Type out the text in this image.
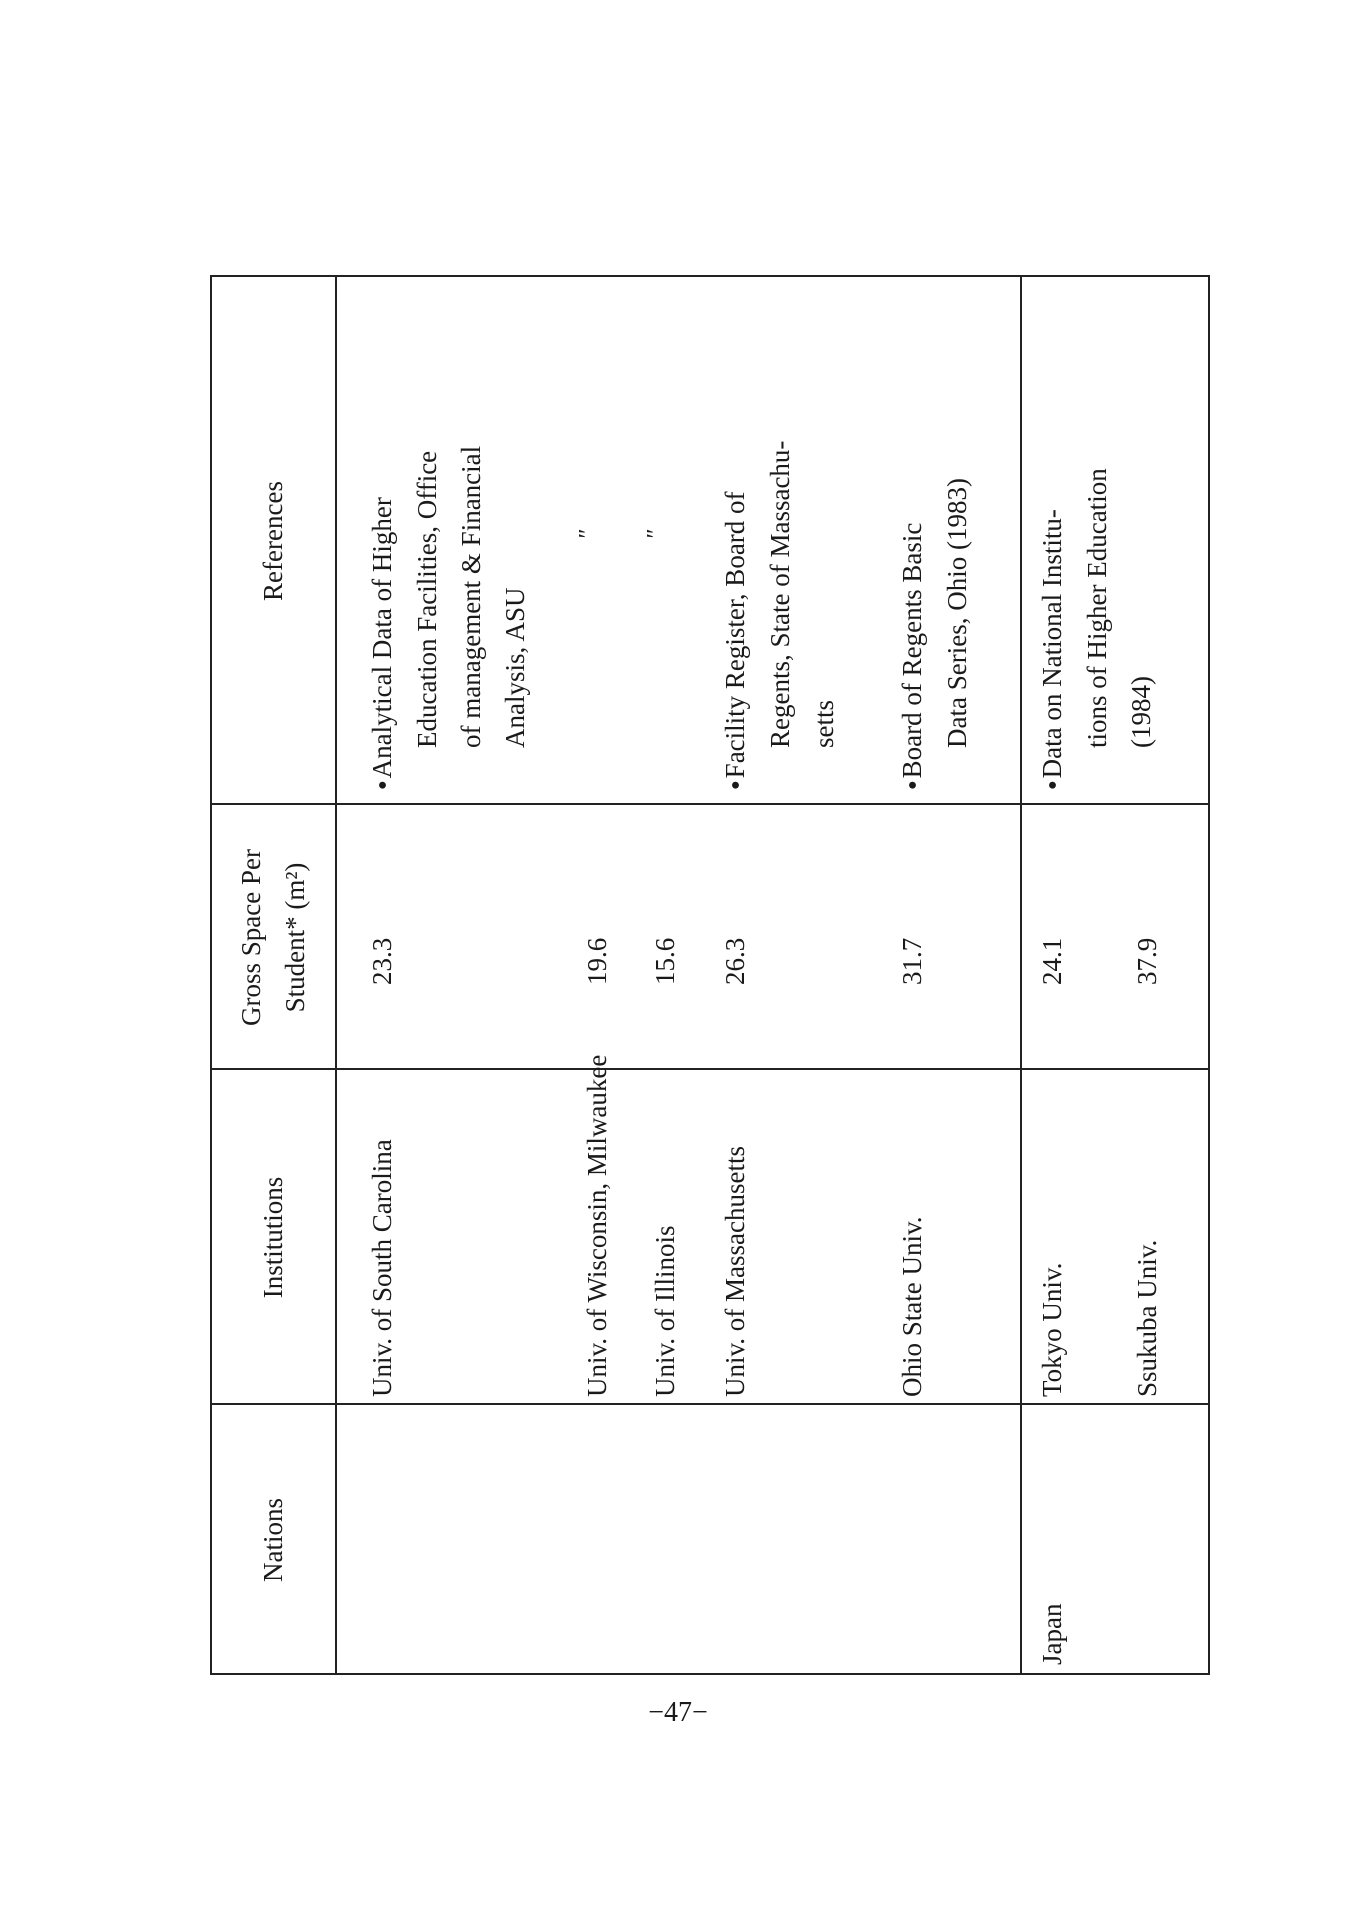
Nations
Institutions
Gross Space Per Student* (m²)
References
Univ. of South Carolina
23.3
● Analytical Data of Higher Education Facilities, Office of management & Financial Analysis, ASU
Univ. of Wisconsin, Milwaukee
19.6
″
Univ. of Illinois
15.6
″
Univ. of Massachusetts
26.3
● Facility Register, Board of Regents, State of Massachu- setts
Ohio State Univ.
31.7
● Board of Regents Basic Data Series, Ohio (1983)
Japan
Tokyo Univ.
24.1
● Data on National Institu- tions of Higher Education (1984)
Ssukuba Univ.
37.9
−47−
